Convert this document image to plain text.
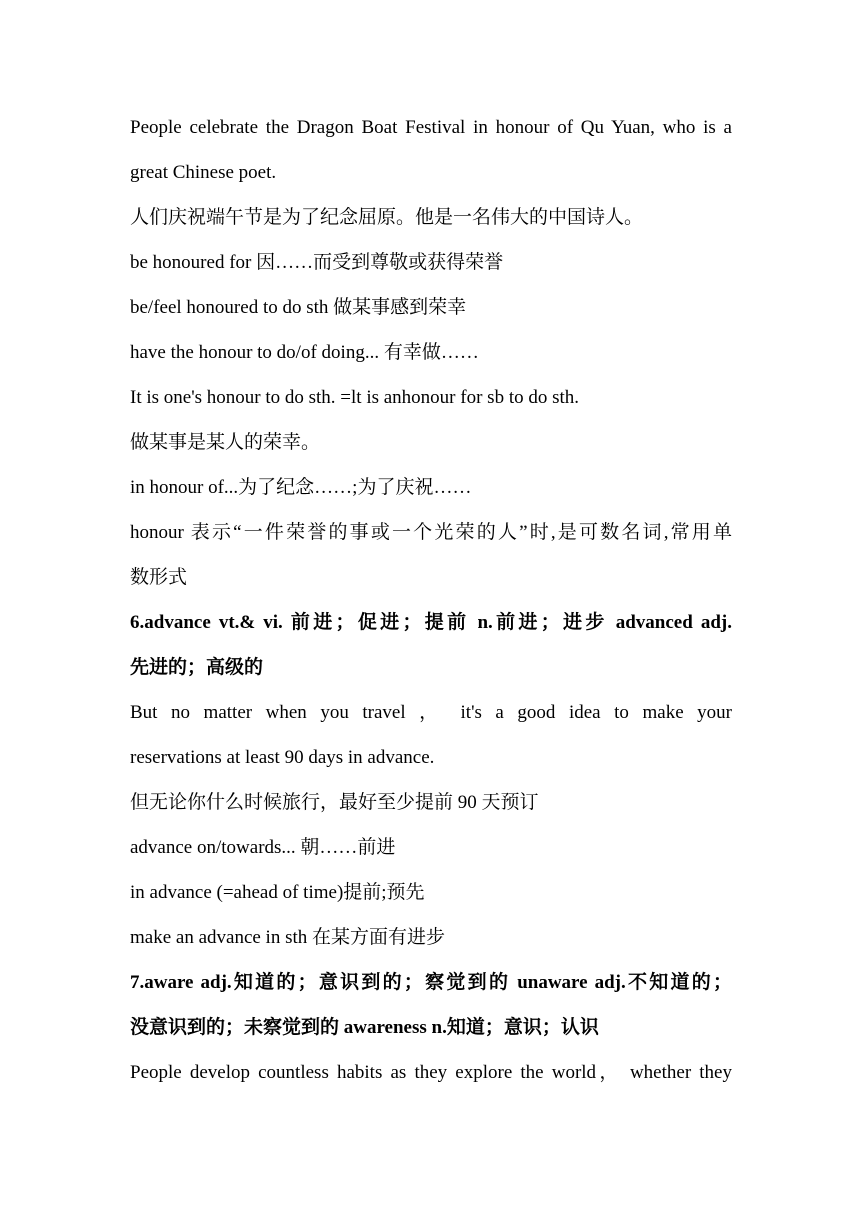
People celebrate the Dragon Boat Festival in honour of Qu Yuan, who is a
great Chinese poet.
人们庆祝端午节是为了纪念屈原。他是一名伟大的中国诗人。
be honoured for 因……而受到尊敬或获得荣誉
be/feel honoured to do sth 做某事感到荣幸
have the honour to do/of doing... 有幸做……
It is one's honour to do sth. =lt is anhonour for sb to do sth.
做某事是某人的荣幸。
in honour of...为了纪念……;为了庆祝……
honour 表示“一件荣誉的事或一个光荣的人”时,是可数名词,常用单
数形式
6.advance vt.& vi. 前进；促进；提前 n.前进；进步 advanced adj.
先进的；高级的
But no matter when you travel ， it's a good idea to make your
reservations at least 90 days in advance.
但无论你什么时候旅行，最好至少提前 90 天预订
advance on/towards... 朝……前进
in advance (=ahead of time)提前;预先
make an advance in sth 在某方面有进步
7.aware adj.知道的；意识到的；察觉到的 unaware adj.不知道的；
没意识到的；未察觉到的 awareness n.知道；意识；认识
People develop countless habits as they explore the world， whether they
